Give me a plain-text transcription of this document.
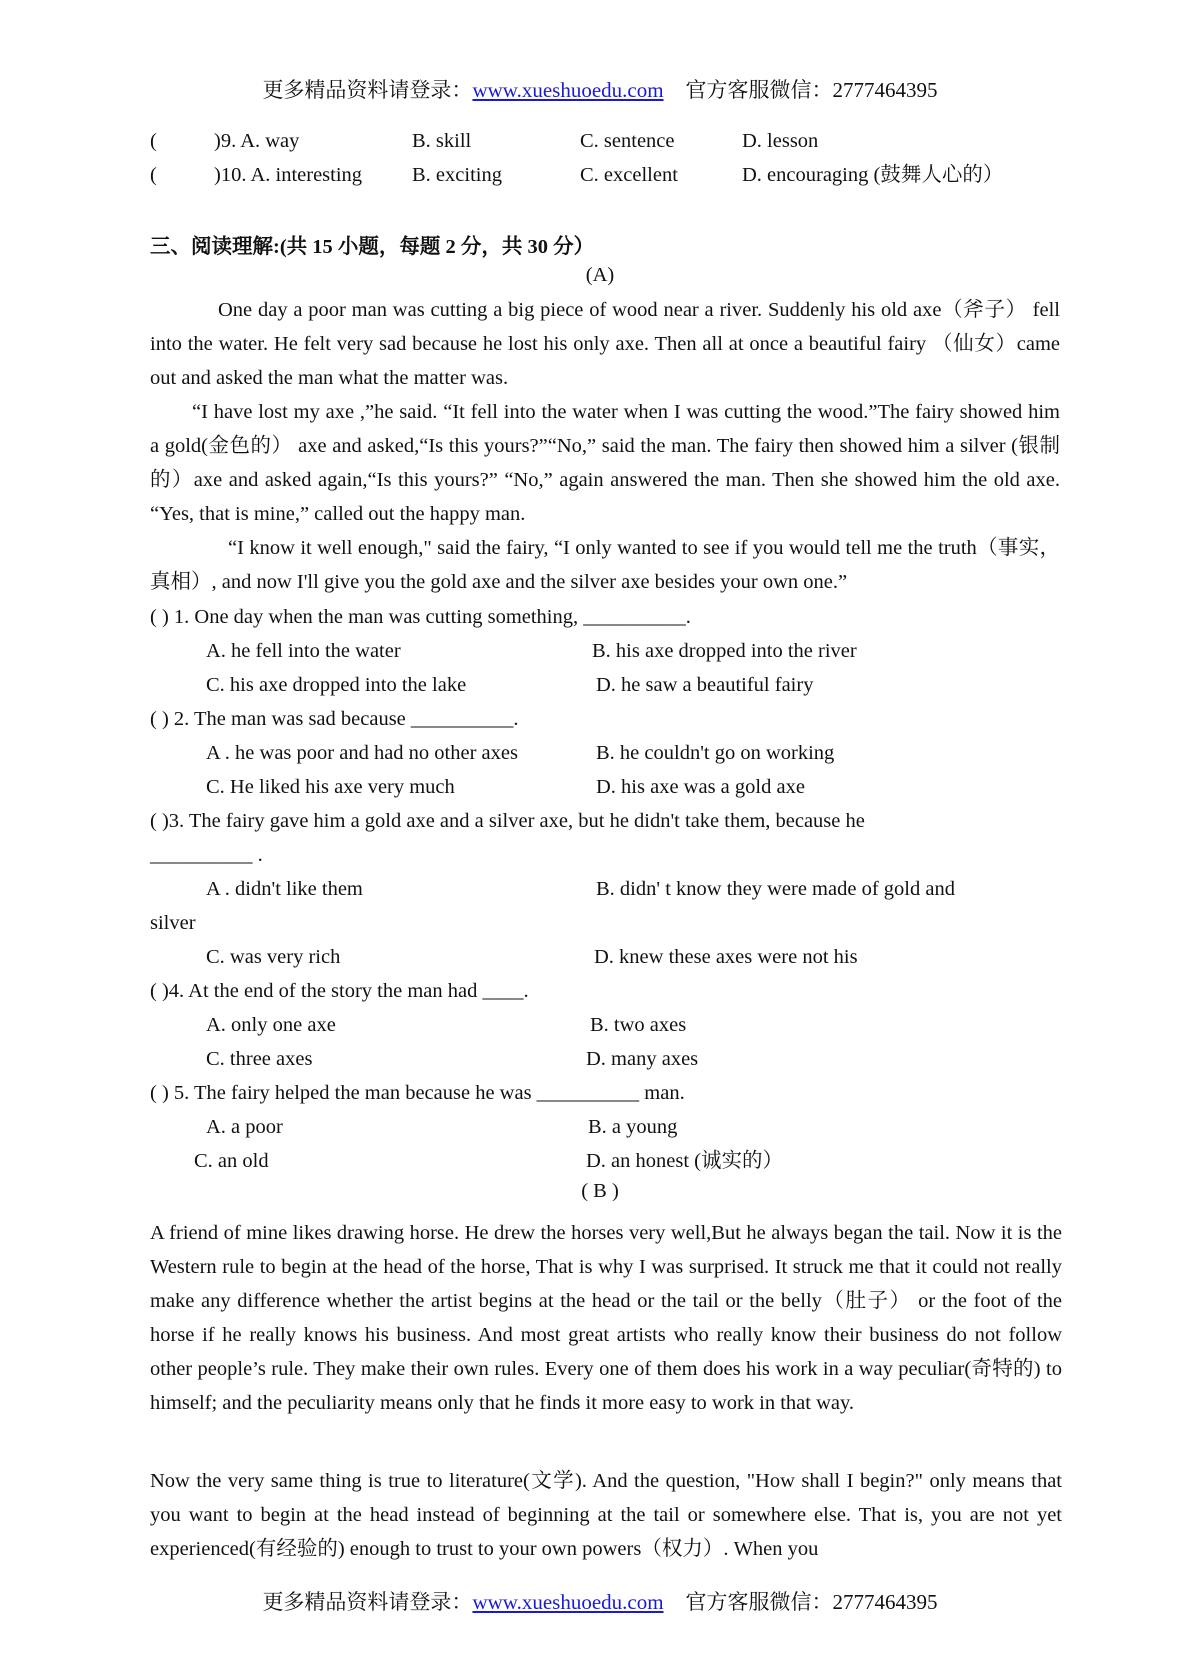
更多精品资料请登录：www.xueshuoedu.com 官方客服微信：2777464395
(	)9. A. way	B. skill	C. sentence	D. lesson
(	)10. A. interesting B. exciting	C. excellent	D. encouraging (鼓舞人心的）
三、阅读理解:(共 15 小题，每题 2 分，共 30 分）
(A)
One day a poor man was cutting a big piece of wood near a river. Suddenly his old axe（斧子） fell into the water. He felt very sad because he lost his only axe. Then all at once a beautiful fairy （仙女）came out and asked the man what the matter was.
“I have lost my axe ,”he said. “It fell into the water when I was cutting the wood.”The fairy showed him a gold(金色的） axe and asked,“Is this yours?”“No,” said the man. The fairy then showed him a silver (银制的）axe and asked again,“Is this yours?” “No,” again answered the man. Then she showed him the old axe. “Yes, that is mine,” called out the happy man.
“I know it well enough," said the fairy, “I only wanted to see if you would tell me the truth（事实，真相）, and now I'll give you the gold axe and the silver axe besides your own one.”
( ) 1. One day when the man was cutting something, __________.
A. he fell into the water	B. his axe dropped into the river
C. his axe dropped into the lake	D. he saw a beautiful fairy
( ) 2. The man was sad because __________.
A . he was poor and had no other axes	B. he couldn't go on working
C. He liked his axe very much	D. his axe was a gold axe
( )3. The fairy gave him a gold axe and a silver axe, but he didn't take them, because he
__________ .
A . didn't like them	B. didn' t know they were made of gold and
silver
C. was very rich	D. knew these axes were not his
( )4. At the end of the story the man had ____.
A. only one axe	B. two axes
C. three axes	D. many axes
( ) 5. The fairy helped the man because he was __________ man.
A. a poor	B. a young
C. an old	D. an honest (诚实的）
( B )
A friend of mine likes drawing horse. He drew the horses very well,But he always began the tail. Now it is the Western rule to begin at the head of the horse, That is why I was surprised. It struck me that it could not really make any difference whether the artist begins at the head or the tail or the belly（肚子） or the foot of the horse if he really knows his business. And most great artists who really know their business do not follow other people’s rule. They make their own rules. Every one of them does his work in a way peculiar(奇特的) to himself; and the peculiarity means only that he finds it more easy to work in that way.
Now the very same thing is true to literature(文学). And the question, "How shall I begin?" only means that you want to begin at the head instead of beginning at the tail or somewhere else. That is, you are not yet experienced(有经验的) enough to trust to your own powers（权力）. When you
更多精品资料请登录：www.xueshuoedu.com 官方客服微信：2777464395
